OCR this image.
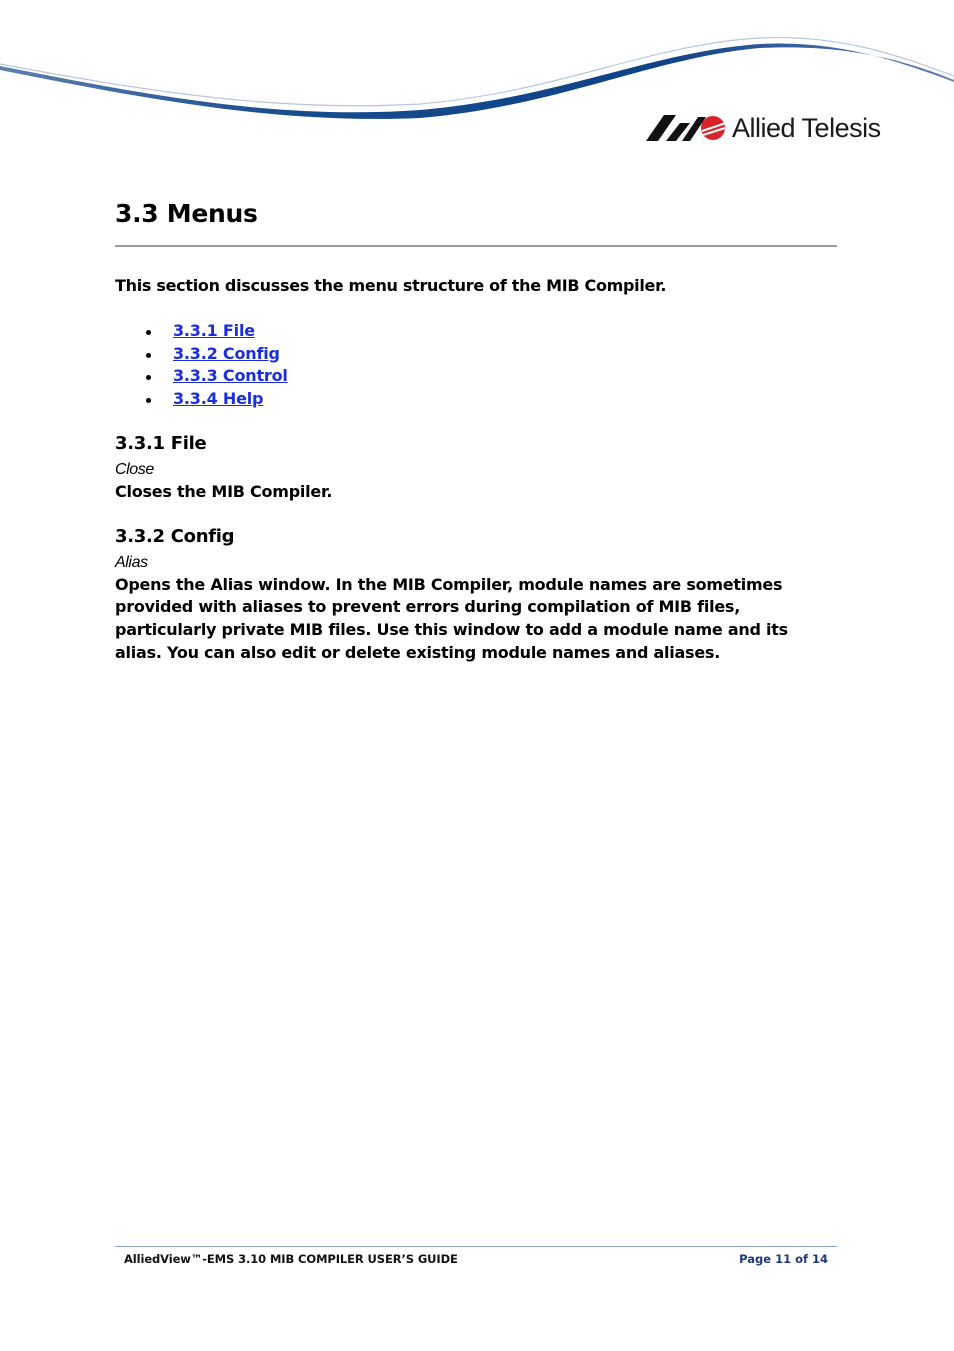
Allied Telesis
3.3 Menus

This section discusses the menu structure of the MIB Compiler.

3.3.1 File
3.3.2 Config
3.3.3 Control
3.3.4 Help
3.3.1 File
Close
Closes the MIB Compiler.
3.3.2 Config
Alias
Opens the Alias window. In the MIB Compiler, module names are sometimes provided with aliases to prevent errors during compilation of MIB files, particularly private MIB files. Use this window to add a module name and its alias. You can also edit or delete existing module names and aliases.
AlliedView™-EMS 3.10 MIB COMPILER USER’S GUIDE	Page 11 of 14
